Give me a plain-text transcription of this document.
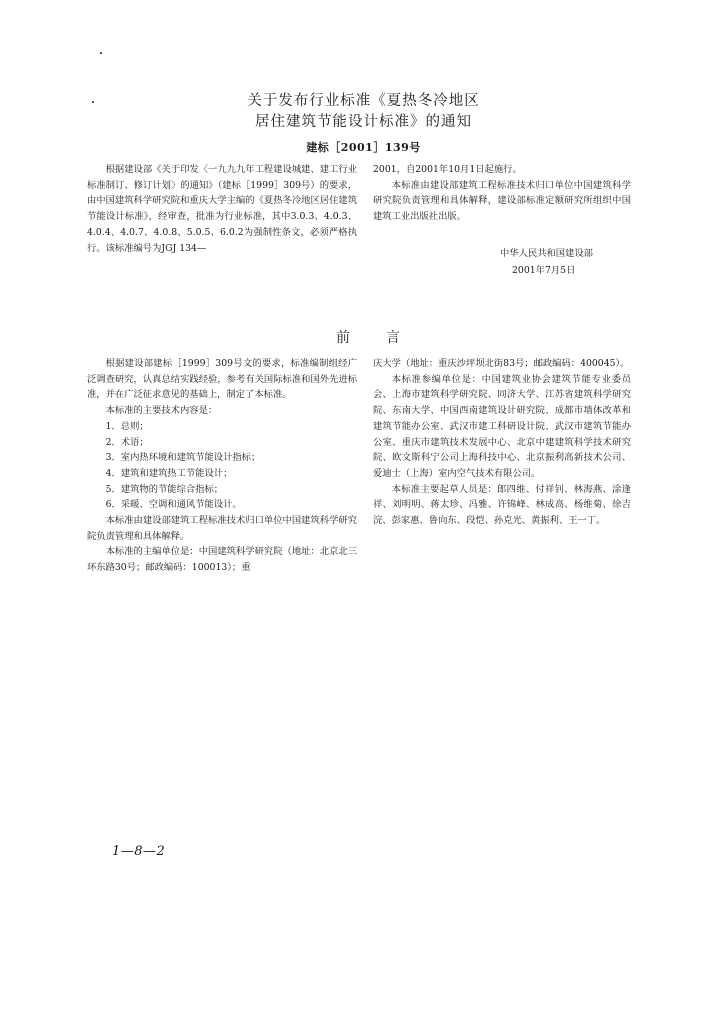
关于发布行业标准《夏热冬冷地区
居住建筑节能设计标准》的通知
建标［2001］139号

根据建设部《关于印发〈一九九九年工程建设城建、建工行业标准制订、修订计划〉的通知》（建标［1999］309号）的要求，由中国建筑科学研究院和重庆大学主编的《夏热冬冷地区居住建筑节能设计标准》，经审查，批准为行业标准，其中3.0.3、4.0.3、4.0.4、4.0.7、4.0.8、5.0.5、6.0.2为强制性条文，必须严格执行。该标准编号为JGJ 134—

2001，自2001年10月1日起施行。

本标准由建设部建筑工程标准技术归口单位中国建筑科学研究院负责管理和具体解释，建设部标准定额研究所组织中国建筑工业出版社出版。

中华人民共和国建设部
2001年7月5日
前	言

根据建设部建标［1999］309号文的要求，标准编制组经广泛调查研究，认真总结实践经验，参考有关国际标准和国外先进标准，并在广泛征求意见的基础上，制定了本标准。

本标准的主要技术内容是：

1．总则；

2．术语；

3．室内热环境和建筑节能设计指标；

4．建筑和建筑热工节能设计；

5．建筑物的节能综合指标；

6．采暖、空调和通风节能设计。

本标准由建设部建筑工程标准技术归口单位中国建筑科学研究院负责管理和具体解释。

本标准的主编单位是：中国建筑科学研究院（地址：北京北三环东路30号；邮政编码：100013）；重

庆大学（地址：重庆沙坪坝北街83号；邮政编码：400045）。

本标准参编单位是：中国建筑业协会建筑节能专业委员会、上海市建筑科学研究院、同济大学、江苏省建筑科学研究院、东南大学、中国西南建筑设计研究院、成都市墙体改革和建筑节能办公室、武汉市建工科研设计院、武汉市建筑节能办公室、重庆市建筑技术发展中心、北京中建建筑科学技术研究院、欧文斯科宁公司上海科技中心、北京振利高新技术公司、爱迪士（上海）室内空气技术有限公司。

本标准主要起草人员是：郎四维、付祥钊、林海燕、涂逢祥、刘明明、蒋太珍、冯雅、许锦峰、林成高、杨维菊、徐吉浣、彭家惠、鲁向东、段恺、孙克光、黄振利、王一丁。

1—8—2
